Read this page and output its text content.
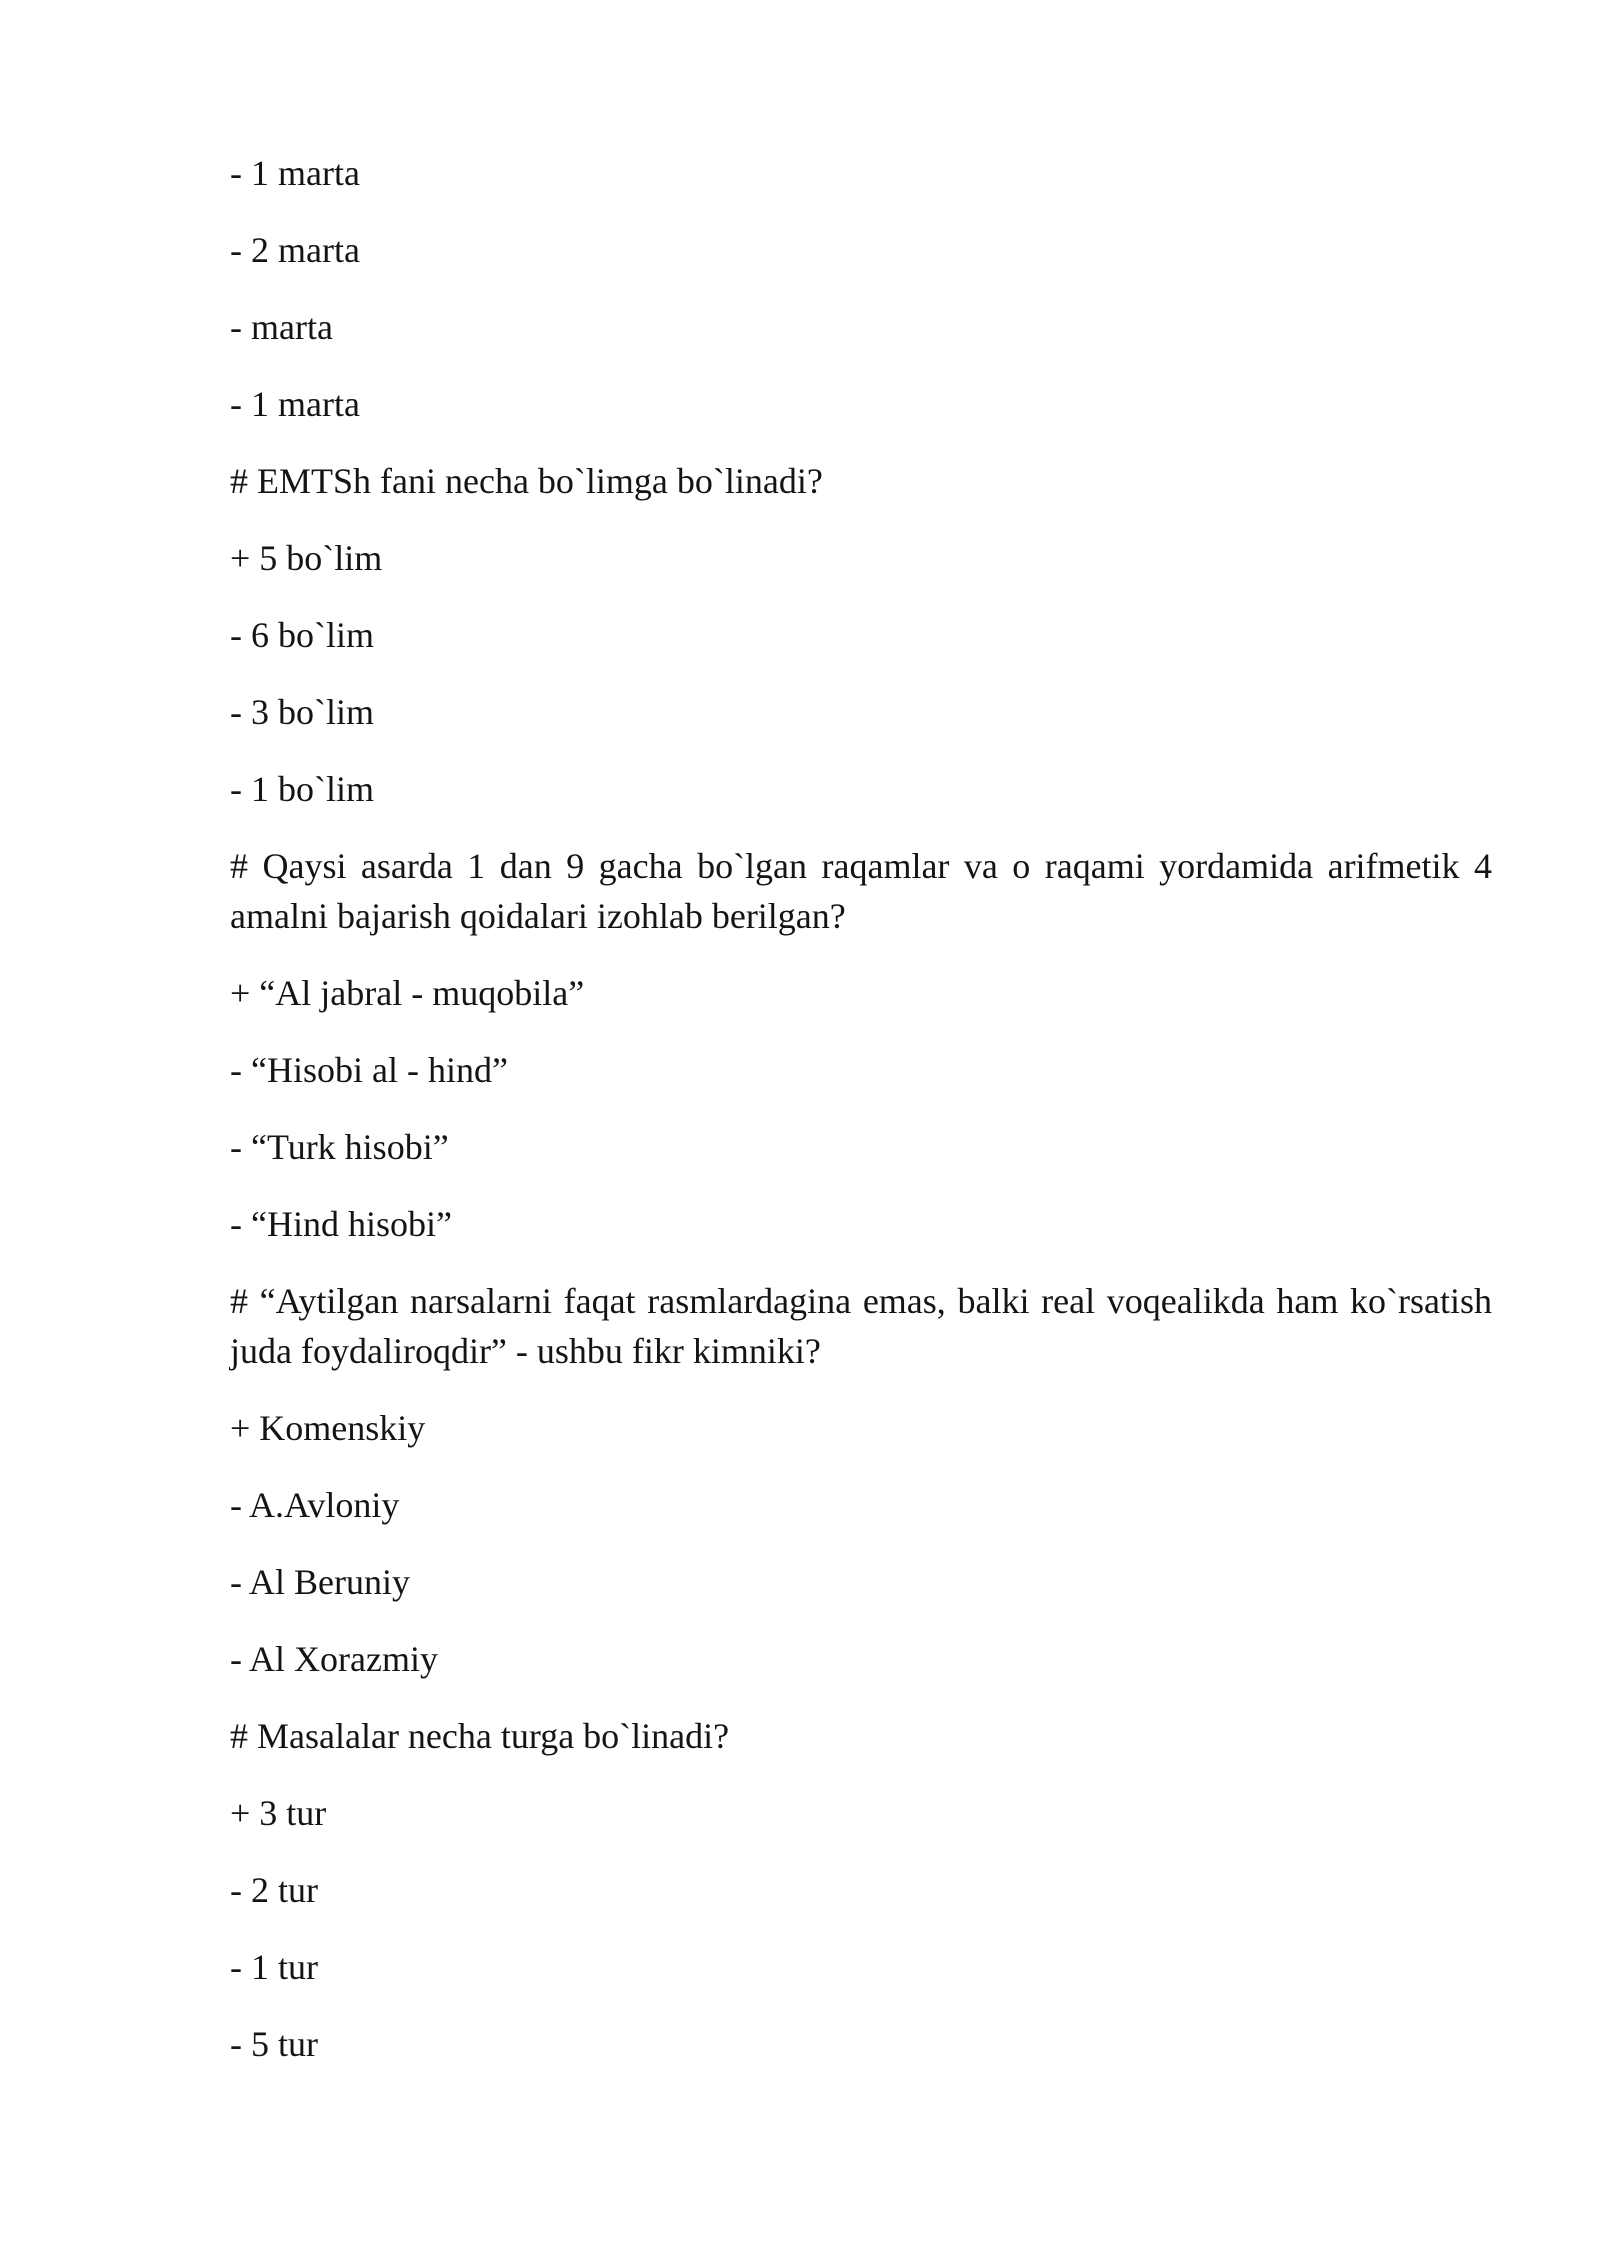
- 1 marta

- 2 marta

- marta

- 1 marta

# EMTSh fani necha bo`limga bo`linadi?

+ 5 bo`lim

- 6 bo`lim

- 3 bo`lim

- 1 bo`lim

# Qaysi asarda 1 dan 9 gacha bo`lgan raqamlar va o raqami yordamida arifmetik 4 amalni bajarish qoidalari izohlab berilgan?

+ “Al jabral - muqobila”

- “Hisobi al - hind”

- “Turk hisobi”

- “Hind hisobi”

# “Aytilgan narsalarni faqat rasmlardagina emas, balki real voqealikda ham ko`rsatish juda foydaliroqdir” - ushbu fikr kimniki?

+ Komenskiy

- A.Avloniy

- Al Beruniy

- Al Xorazmiy

# Masalalar necha turga bo`linadi?

+ 3 tur

- 2 tur

- 1 tur

- 5 tur
